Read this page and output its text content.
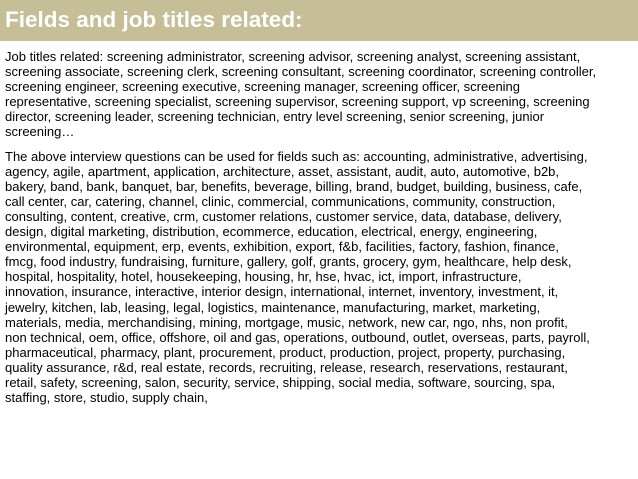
Fields and job titles related:

Job titles related: screening administrator, screening advisor, screening analyst, screening assistant,
screening associate, screening clerk, screening consultant, screening coordinator, screening controller,
screening engineer, screening executive, screening manager, screening officer, screening
representative, screening specialist, screening supervisor, screening support, vp screening, screening
director, screening leader, screening technician, entry level screening, senior screening, junior
screening…

The above interview questions can be used for fields such as: accounting, administrative, advertising,
agency, agile, apartment, application, architecture, asset, assistant, audit, auto, automotive, b2b,
bakery, band, bank, banquet, bar, benefits, beverage, billing, brand, budget, building, business, cafe,
call center, car, catering, channel, clinic, commercial, communications, community, construction,
consulting, content, creative, crm, customer relations, customer service, data, database, delivery,
design, digital marketing, distribution, ecommerce, education, electrical, energy, engineering,
environmental, equipment, erp, events, exhibition, export, f&b, facilities, factory, fashion, finance,
fmcg, food industry, fundraising, furniture, gallery, golf, grants, grocery, gym, healthcare, help desk,
hospital, hospitality, hotel, housekeeping, housing, hr, hse, hvac, ict, import, infrastructure,
innovation, insurance, interactive, interior design, international, internet, inventory, investment, it,
jewelry, kitchen, lab, leasing, legal, logistics, maintenance, manufacturing, market, marketing,
materials, media, merchandising, mining, mortgage, music, network, new car, ngo, nhs, non profit,
non technical, oem, office, offshore, oil and gas, operations, outbound, outlet, overseas, parts, payroll,
pharmaceutical, pharmacy, plant, procurement, product, production, project, property, purchasing,
quality assurance, r&d, real estate, records, recruiting, release, research, reservations, restaurant,
retail, safety, screening, salon, security, service, shipping, social media, software, sourcing, spa,
staffing, store, studio, supply chain,
